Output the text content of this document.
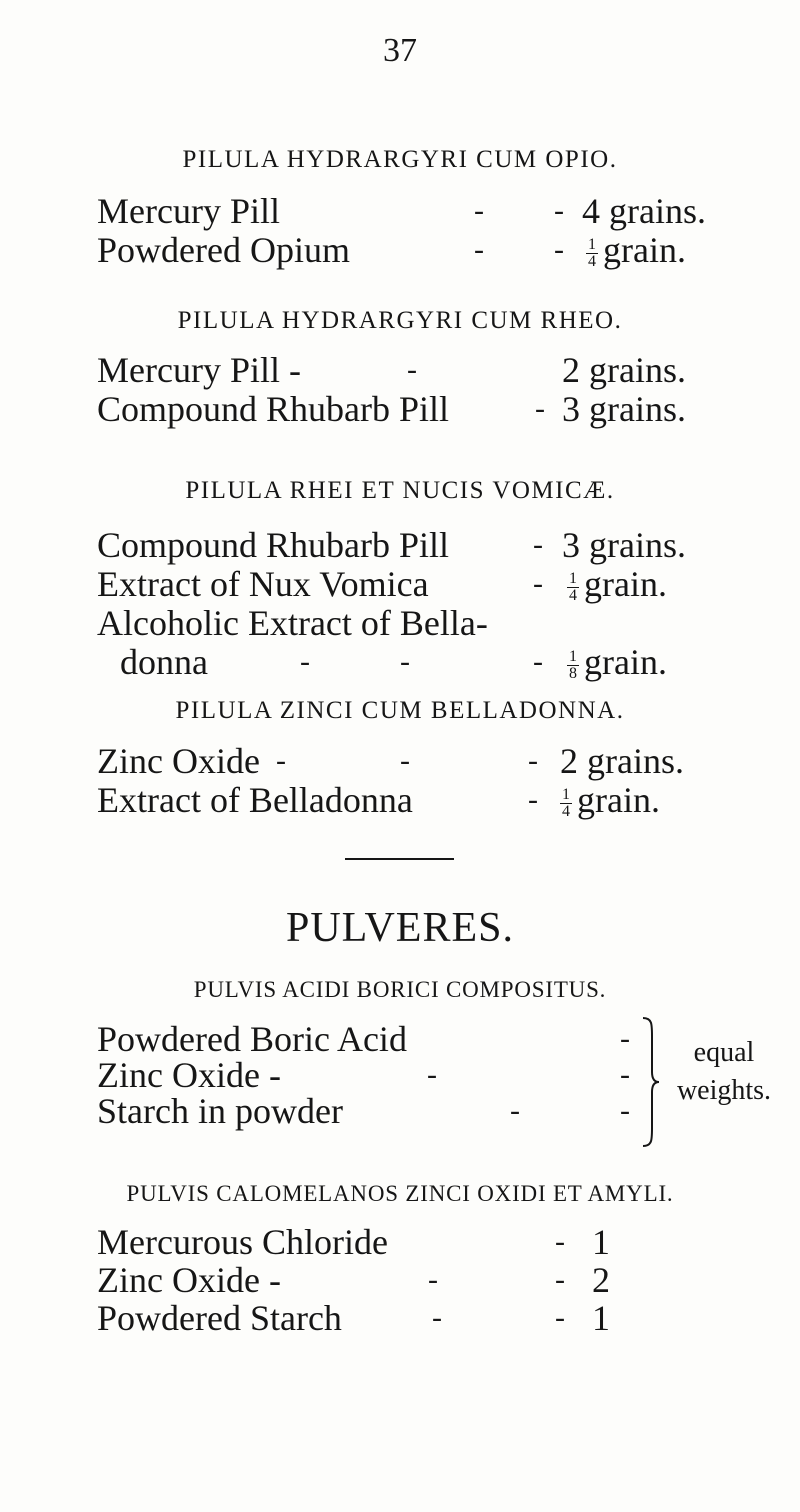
37
PILULA HYDRARGYRI CUM OPIO.
Mercury Pill	- - 4 grains.
Powdered Opium	- - $\frac{1}{4}$ grain.
PILULA HYDRARGYRI CUM RHEO.
Mercury Pill -	-	2 grains.
Compound Rhubarb Pill	- 3 grains.
PILULA RHEI ET NUCIS VOMICÆ.
Compound Rhubarb Pill	- 3 grains.
Extract of Nux Vomica	- $\frac{1}{4}$ grain.
Alcoholic Extract of Bella-
donna	-	-	- $\frac{1}{8}$ grain.
PILULA ZINCI CUM BELLADONNA.
Zinc Oxide -	-	- 2 grains.
Extract of Belladonna	- $\frac{1}{4}$ grain.
PULVERES.
PULVIS ACIDI BORICI COMPOSITUS.
Powdered Boric Acid	-
Zinc Oxide -	-	-
Starch in powder	-	-
equal weights.
PULVIS CALOMELANOS ZINCI OXIDI ET AMYLI.
Mercurous Chloride	- 1
Zinc Oxide -	-	- 2
Powdered Starch	-	- 1
